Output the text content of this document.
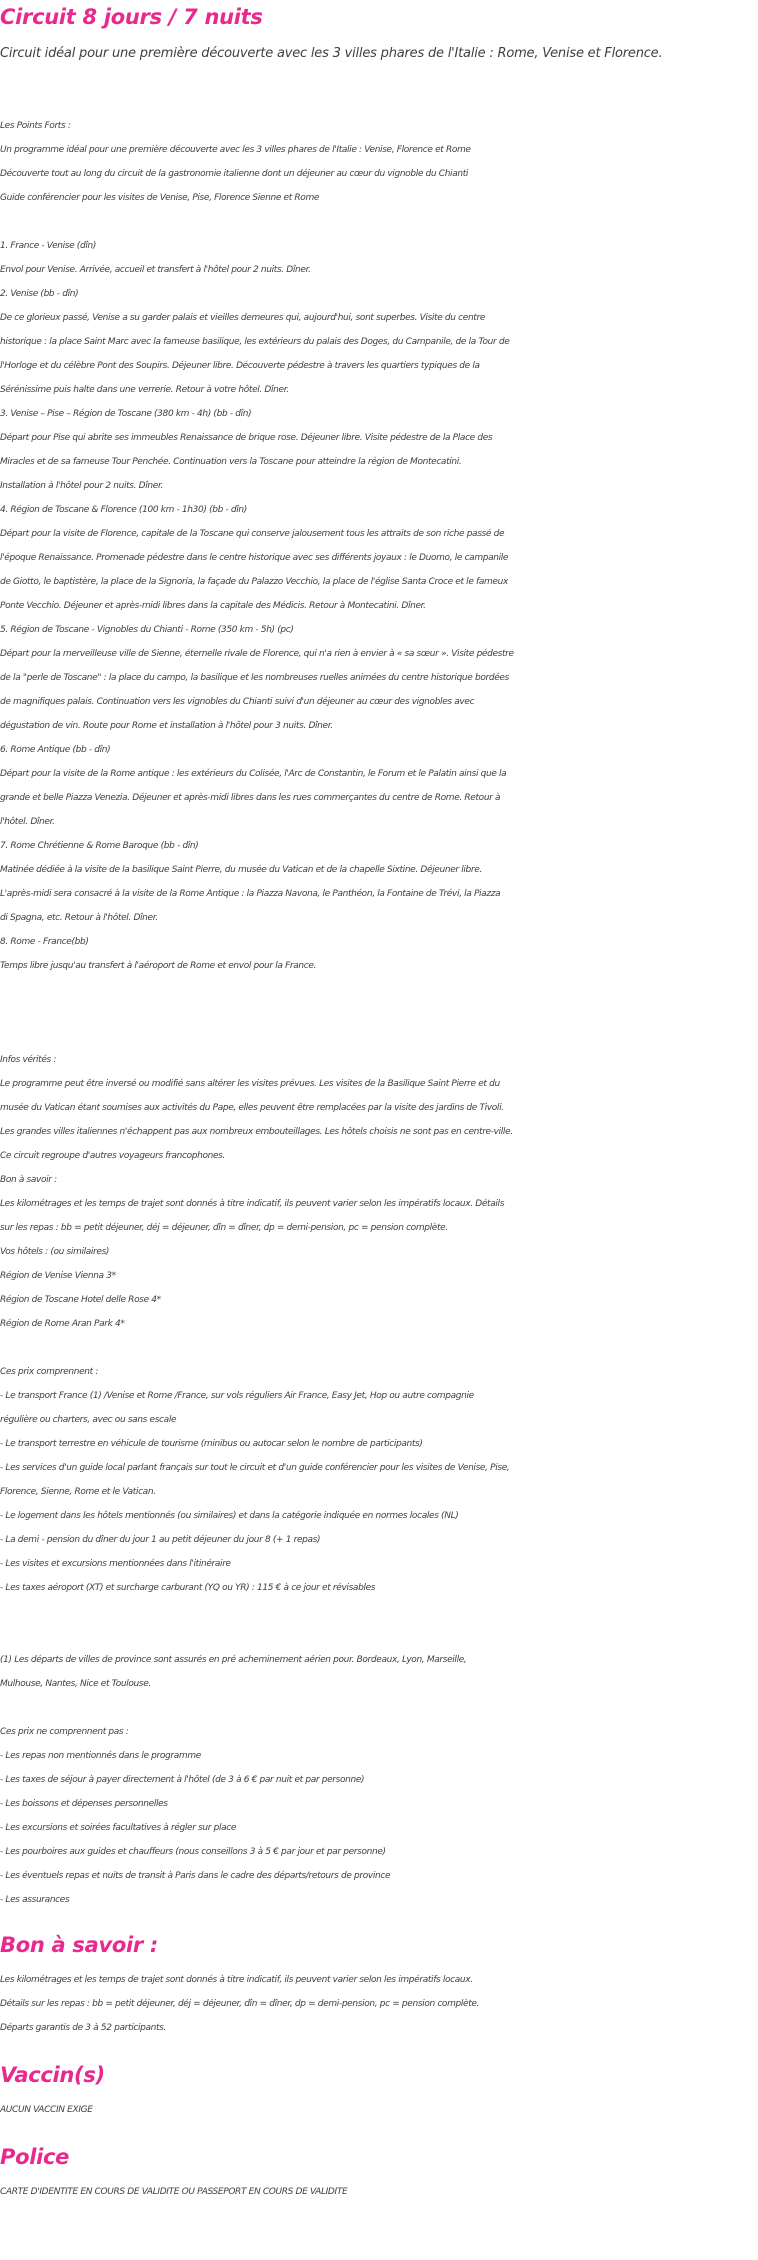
Circuit 8 jours / 7 nuits

Circuit idéal pour une première découverte avec les 3 villes phares de l'Italie : Rome, Venise et Florence.

Les Points Forts :
Un programme idéal pour une première découverte avec les 3 villes phares de l'Italie : Venise, Florence et Rome
Découverte tout au long du circuit de la gastronomie italienne dont un déjeuner au cœur du vignoble du Chianti
Guide conférencier pour les visites de Venise, Pise, Florence Sienne et Rome
1. France - Venise (dîn)
Envol pour Venise. Arrivée, accueil et transfert à l'hôtel pour 2 nuits. Dîner.
2. Venise (bb - dîn)
De ce glorieux passé, Venise a su garder palais et vieilles demeures qui, aujourd'hui, sont superbes. Visite du centre
historique : la place Saint Marc avec la fameuse basilique, les extérieurs du palais des Doges, du Campanile, de la Tour de
l'Horloge et du célèbre Pont des Soupirs. Déjeuner libre. Découverte pédestre à travers les quartiers typiques de la
Sérénissime puis halte dans une verrerie. Retour à votre hôtel. Dîner.
3. Venise – Pise – Région de Toscane (380 km - 4h) (bb - dîn)
Départ pour Pise qui abrite ses immeubles Renaissance de brique rose. Déjeuner libre. Visite pédestre de la Place des
Miracles et de sa fameuse Tour Penchée. Continuation vers la Toscane pour atteindre la région de Montecatini.
Installation à l'hôtel pour 2 nuits. Dîner.
4. Région de Toscane & Florence (100 km - 1h30) (bb - dîn)
Départ pour la visite de Florence, capitale de la Toscane qui conserve jalousement tous les attraits de son riche passé de
l'époque Renaissance. Promenade pédestre dans le centre historique avec ses différents joyaux : le Duomo, le campanile
de Giotto, le baptistère, la place de la Signoria, la façade du Palazzo Vecchio, la place de l'église Santa Croce et le fameux
Ponte Vecchio. Déjeuner et après-midi libres dans la capitale des Médicis. Retour à Montecatini. Dîner.
5. Région de Toscane - Vignobles du Chianti - Rome (350 km - 5h) (pc)
Départ pour la merveilleuse ville de Sienne, éternelle rivale de Florence, qui n'a rien à envier à « sa sœur ». Visite pédestre
de la "perle de Toscane" : la place du campo, la basilique et les nombreuses ruelles animées du centre historique bordées
de magnifiques palais. Continuation vers les vignobles du Chianti suivi d'un déjeuner au cœur des vignobles avec
dégustation de vin. Route pour Rome et installation à l'hôtel pour 3 nuits. Dîner.
6. Rome Antique (bb - dîn)
Départ pour la visite de la Rome antique : les extérieurs du Colisée, l'Arc de Constantin, le Forum et le Palatin ainsi que la
grande et belle Piazza Venezia. Déjeuner et après-midi libres dans les rues commerçantes du centre de Rome. Retour à
l'hôtel. Dîner.
7. Rome Chrétienne & Rome Baroque (bb - dîn)
Matinée dédiée à la visite de la basilique Saint Pierre, du musée du Vatican et de la chapelle Sixtine. Déjeuner libre.
L'après-midi sera consacré à la visite de la Rome Antique : la Piazza Navona, le Panthéon, la Fontaine de Trévi, la Piazza
di Spagna, etc. Retour à l'hôtel. Dîner.
8. Rome - France(bb)
Temps libre jusqu'au transfert à l'aéroport de Rome et envol pour la France.
Infos vérités :
Le programme peut être inversé ou modifié sans altérer les visites prévues. Les visites de la Basilique Saint Pierre et du
musée du Vatican étant soumises aux activités du Pape, elles peuvent être remplacées par la visite des jardins de Tivoli.
Les grandes villes italiennes n'échappent pas aux nombreux embouteillages. Les hôtels choisis ne sont pas en centre-ville.
Ce circuit regroupe d'autres voyageurs francophones.
Bon à savoir :
Les kilométrages et les temps de trajet sont donnés à titre indicatif, ils peuvent varier selon les impératifs locaux. Détails
sur les repas : bb = petit déjeuner, déj = déjeuner, dîn = dîner, dp = demi-pension, pc = pension complète.
Vos hôtels : (ou similaires)
Région de Venise Vienna 3*
Région de Toscane Hotel delle Rose 4*
Région de Rome Aran Park 4*
Ces prix comprennent :
- Le transport France (1) /Venise et Rome /France, sur vols réguliers Air France, Easy Jet, Hop ou autre compagnie
régulière ou charters, avec ou sans escale
- Le transport terrestre en véhicule de tourisme (minibus ou autocar selon le nombre de participants)
- Les services d'un guide local parlant français sur tout le circuit et d'un guide conférencier pour les visites de Venise, Pise,
Florence, Sienne, Rome et le Vatican.
- Le logement dans les hôtels mentionnés (ou similaires) et dans la catégorie indiquée en normes locales (NL)
- La demi - pension du dîner du jour 1 au petit déjeuner du jour 8 (+ 1 repas)
- Les visites et excursions mentionnées dans l'itinéraire
- Les taxes aéroport (XT) et surcharge carburant (YQ ou YR) : 115 € à ce jour et révisables
(1) Les départs de villes de province sont assurés en pré acheminement aérien pour. Bordeaux, Lyon, Marseille,
Mulhouse, Nantes, Nice et Toulouse.
Ces prix ne comprennent pas :
- Les repas non mentionnés dans le programme
- Les taxes de séjour à payer directement à l'hôtel (de 3 à 6 € par nuit et par personne)
- Les boissons et dépenses personnelles
- Les excursions et soirées facultatives à régler sur place
- Les pourboires aux guides et chauffeurs (nous conseillons 3 à 5 € par jour et par personne)
- Les éventuels repas et nuits de transit à Paris dans le cadre des départs/retours de province
- Les assurances
Bon à savoir :
Les kilométrages et les temps de trajet sont donnés à titre indicatif, ils peuvent varier selon les impératifs locaux.
Détails sur les repas : bb = petit déjeuner, déj = déjeuner, dîn = dîner, dp = demi-pension, pc = pension complète.
Départs garantis de 3 à 52 participants.
Vaccin(s)
AUCUN VACCIN EXIGE
Police
CARTE D'IDENTITE EN COURS DE VALIDITE OU PASSEPORT EN COURS DE VALIDITE
